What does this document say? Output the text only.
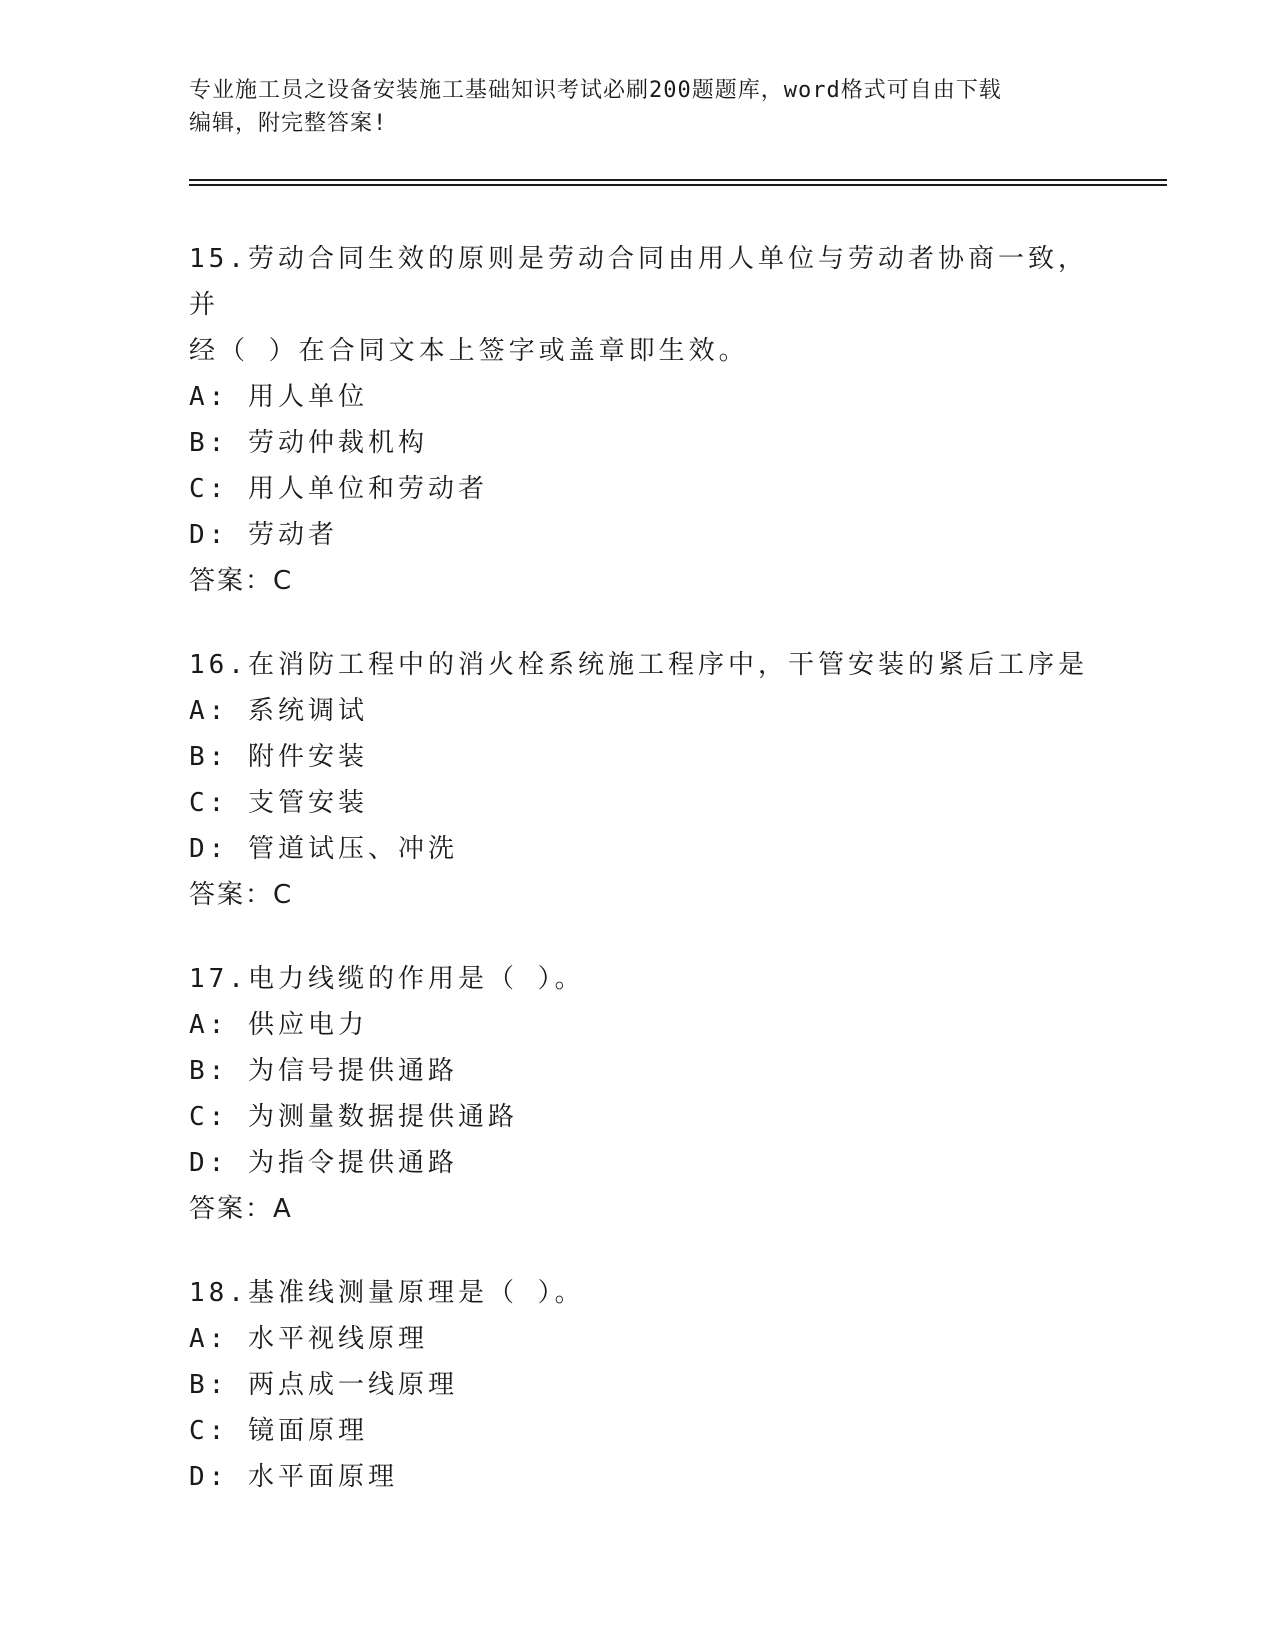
专业施工员之设备安装施工基础知识考试必刷200题题库，word格式可自由下载
编辑，附完整答案!
15.劳动合同生效的原则是劳动合同由用人单位与劳动者协商一致，并
经（ ）在合同文本上签字或盖章即生效。
A: 用人单位
B: 劳动仲裁机构
C: 用人单位和劳动者
D: 劳动者
答案：C
16.在消防工程中的消火栓系统施工程序中，干管安装的紧后工序是
A: 系统调试
B: 附件安装
C: 支管安装
D: 管道试压、冲洗
答案：C
17.电力线缆的作用是（ ）。
A: 供应电力
B: 为信号提供通路
C: 为测量数据提供通路
D: 为指令提供通路
答案：A
18.基准线测量原理是（ ）。
A: 水平视线原理
B: 两点成一线原理
C: 镜面原理
D: 水平面原理
